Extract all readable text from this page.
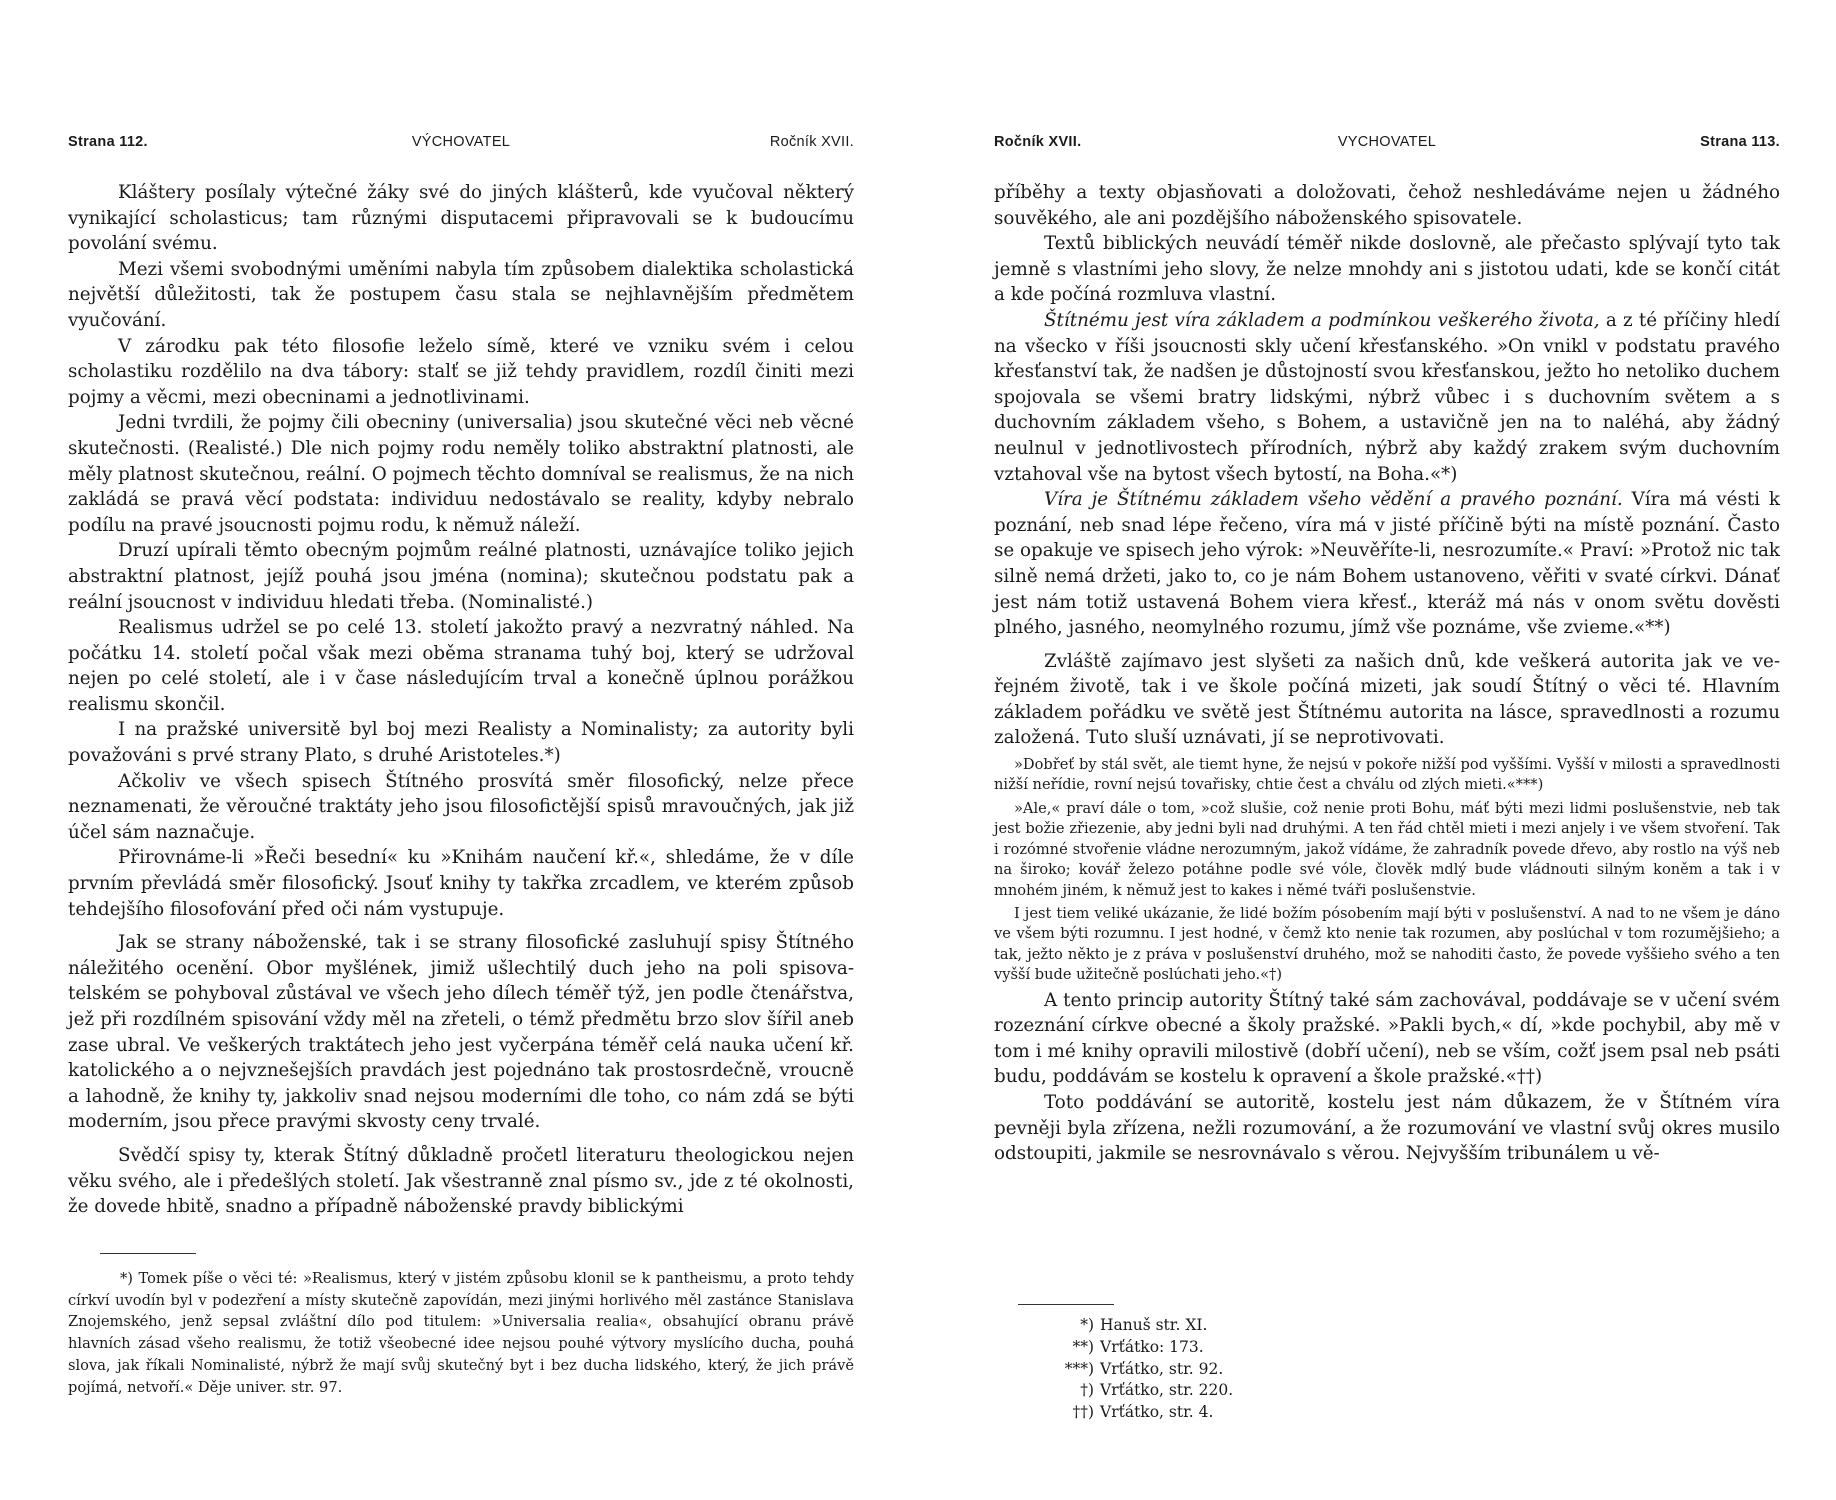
Strana 112.	VÝCHOVATEL	Ročník XVII.

Kláštery posílaly výtečné žáky své do jiných klášterů, kde vyučoval některý vynikající scholasticus; tam různými disputacemi připravovali se k budoucímu povolání svému.

Mezi všemi svobodnými uměními nabyla tím způsobem dialektika scholastická největší důležitosti, tak že postupem času stala se nejhlavnějším předmětem vyučování.

V zárodku pak této filosofie leželo símě, které ve vzniku svém i celou scholastiku rozdělilo na dva tábory: stalť se již tehdy pravidlem, rozdíl činiti mezi pojmy a věcmi, mezi obecninami a jednotlivinami.

Jedni tvrdili, že pojmy čili obecniny (universalia) jsou skutečné věci neb věcné skutečnosti. (Realisté.) Dle nich pojmy rodu neměly toliko abstraktní platnosti, ale měly platnost skutečnou, reální. O pojmech těchto domníval se realismus, že na nich zakládá se pravá věcí podstata: individuu nedostávalo se reality, kdyby nebralo podílu na pravé jsoucnosti pojmu rodu, k němuž náleží.

Druzí upírali těmto obecným pojmům reálné platnosti, uznávajíce toliko jejich abstraktní platnost, jejíž pouhá jsou jména (nomina); skutečnou podstatu pak a reální jsoucnost v individuu hledati třeba. (Nominalisté.)

Realismus udržel se po celé 13. století jakožto pravý a nezvratný náhled. Na počátku 14. století počal však mezi oběma stranama tuhý boj, který se udržoval nejen po celé století, ale i v čase následujícím trval a konečně úplnou porážkou realismu skončil.

I na pražské universitě byl boj mezi Realisty a Nominalisty; za autority byli považováni s prvé strany Plato, s druhé Aristoteles.*)

Ačkoliv ve všech spisech Štítného prosvítá směr filosofický, nelze přece neznamenati, že věroučné traktáty jeho jsou filosofictější spisů mravoučných, jak již účel sám naznačuje.

Přirovnáme-li »Řeči besední« ku »Knihám naučení kř.«, shledáme, že v díle prvním převládá směr filosofický. Jsouť knihy ty takřka zrcadlem, ve kterém způsob tehdejšího filosofování před oči nám vystupuje.

Jak se strany náboženské, tak i se strany filosofické zasluhují spisy Štítného náležitého ocenění. Obor myšlének, jimiž ušlechtilý duch jeho na poli spisovatelském se pohyboval zůstával ve všech jeho dílech téměř týž, jen podle čtenářstva, jež při rozdílném spisování vždy měl na zřeteli, o témž předmětu brzo slov šířil aneb zase ubral. Ve veškerých traktátech jeho jest vyčerpána téměř celá nauka učení kř. katolického a o nejvznešejších pravdách jest pojednáno tak prostosrdečně, vroucně a lahodně, že knihy ty, jakkoliv snad nejsou moderními dle toho, co nám zdá se býti moderním, jsou přece pravými skvosty ceny trvalé.

Svědčí spisy ty, kterak Štítný důkladně pročetl literaturu theologickou nejen věku svého, ale i předešlých století. Jak všestranně znal písmo sv., jde z té okolnosti, že dovede hbitě, snadno a případně náboženské pravdy biblickými

*) Tomek píše o věci té: »Realismus, který v jistém způsobu klonil se k pantheismu, a proto tehdy církví uvodín byl v podezření a místy skutečně zapovídán, mezi jinými horlivého měl zastánce Stanislava Znojemského, jenž sepsal zvláštní dílo pod titulem: »Universalia realia«, obsahující obranu právě hlavních zásad všeho realismu, že totiž všeobecné idee nejsou pouhé výtvory myslícího ducha, pouhá slova, jak říkali Nominalisté, nýbrž že mají svůj skutečný byt i bez ducha lidského, který, že jich právě pojímá, netvoří.« Děje univer. str. 97.

Ročník XVII.	VYCHOVATEL	Strana 113.

příběhy a texty objasňovati a doložovati, čehož neshledáváme nejen u žádného souvěkého, ale ani pozdějšího náboženského spisovatele.

Textů biblických neuvádí téměř nikde doslovně, ale přečasto splývají tyto tak jemně s vlastními jeho slovy, že nelze mnohdy ani s jistotou udati, kde se končí citát a kde počíná rozmluva vlastní.

Štítnému jest víra základem a podmínkou veškerého života, a z té příčiny hledí na všecko v říši jsoucnosti skly učení křesťanského. »On vnikl v podstatu pravého křesťanství tak, že nadšen je důstojností svou křesťanskou, ježto ho netoliko duchem spojovala se všemi bratry lidskými, nýbrž vůbec i s duchovním světem a s duchovním základem všeho, s Bohem, a ustavičně jen na to naléhá, aby žádný neulnul v jednotlivostech přírodních, nýbrž aby každý zrakem svým duchovním vztahoval vše na bytost všech bytostí, na Boha.«*)

Víra je Štítnému základem všeho vědění a pravého poznání. Víra má vésti k poznání, neb snad lépe řečeno, víra má v jisté příčině býti na místě poznání. Často se opakuje ve spisech jeho výrok: »Neuvěříte-li, nesrozumíte.« Praví: »Protož nic tak silně nemá držeti, jako to, co je nám Bohem ustanoveno, věřiti v svaté církvi. Dánať jest nám totiž ustavená Bohem viera křesť., kteráž má nás v onom světu dověsti plného, jasného, neomylného rozumu, jímž vše poznáme, vše zvieme.«**)

Zvláště zajímavo jest slyšeti za našich dnů, kde veškerá autorita jak ve veřejném životě, tak i ve škole počíná mizeti, jak soudí Štítný o věci té. Hlavním základem pořádku ve světě jest Štítnému autorita na lásce, spravedlnosti a rozumu založená. Tuto sluší uznávati, jí se neprotivovati.

»Dobřeť by stál svět, ale tiemt hyne, že nejsú v pokoře nižší pod vyššími. Vyšší v milosti a spravedlnosti nižší neřídie, rovní nejsú tovařisky, chtie čest a chválu od zlých mieti.«***)

»Ale,« praví dále o tom, »což slušie, což nenie proti Bohu, máť býti mezi lidmi poslušenstvie, neb tak jest božie zřiezenie, aby jedni byli nad druhými. A ten řád chtěl mieti i mezi anjely i ve všem stvoření. Tak i rozómné stvořenie vládne nerozumným, jakož vídáme, že zahradník povede dřevo, aby rostlo na výš neb na široko; kovář železo potáhne podle své vóle, člověk mdlý bude vládnouti silným koněm a tak i v mnohém jiném, k němuž jest to kakes i němé tváři poslušenstvie.

I jest tiem veliké ukázanie, že lidé božím pósobením mají býti v poslušenství. A nad to ne všem je dáno ve všem býti rozumnu. I jest hodné, v čemž kto nenie tak rozumen, aby poslúchal v tom rozumějšieho; a tak, ježto někto je z práva v poslušenství druhého, mož se nahoditi často, že povede vyššieho svého a ten vyšší bude užitečně poslúchati jeho.«†)

A tento princip autority Štítný také sám zachovával, poddávaje se v učení svém rozeznání církve obecné a školy pražské. »Pakli bych,« dí, »kde pochybil, aby mě v tom i mé knihy opravili milostivě (dobří učení), neb se vším, cožť jsem psal neb psáti budu, poddávám se kostelu k opravení a škole pražské.«††)

Toto poddávání se autoritě, kostelu jest nám důkazem, že v Štítném víra pevněji byla zřízena, nežli rozumování, a že rozumování ve vlastní svůj okres musilo odstoupiti, jakmile se nesrovnávalo s věrou. Nejvyšším tribunálem u vě-

*) Hanuš str. XI.
**) Vrťátko: 173.
***) Vrťátko, str. 92.
†) Vrťátko, str. 220.
††) Vrťátko, str. 4.
